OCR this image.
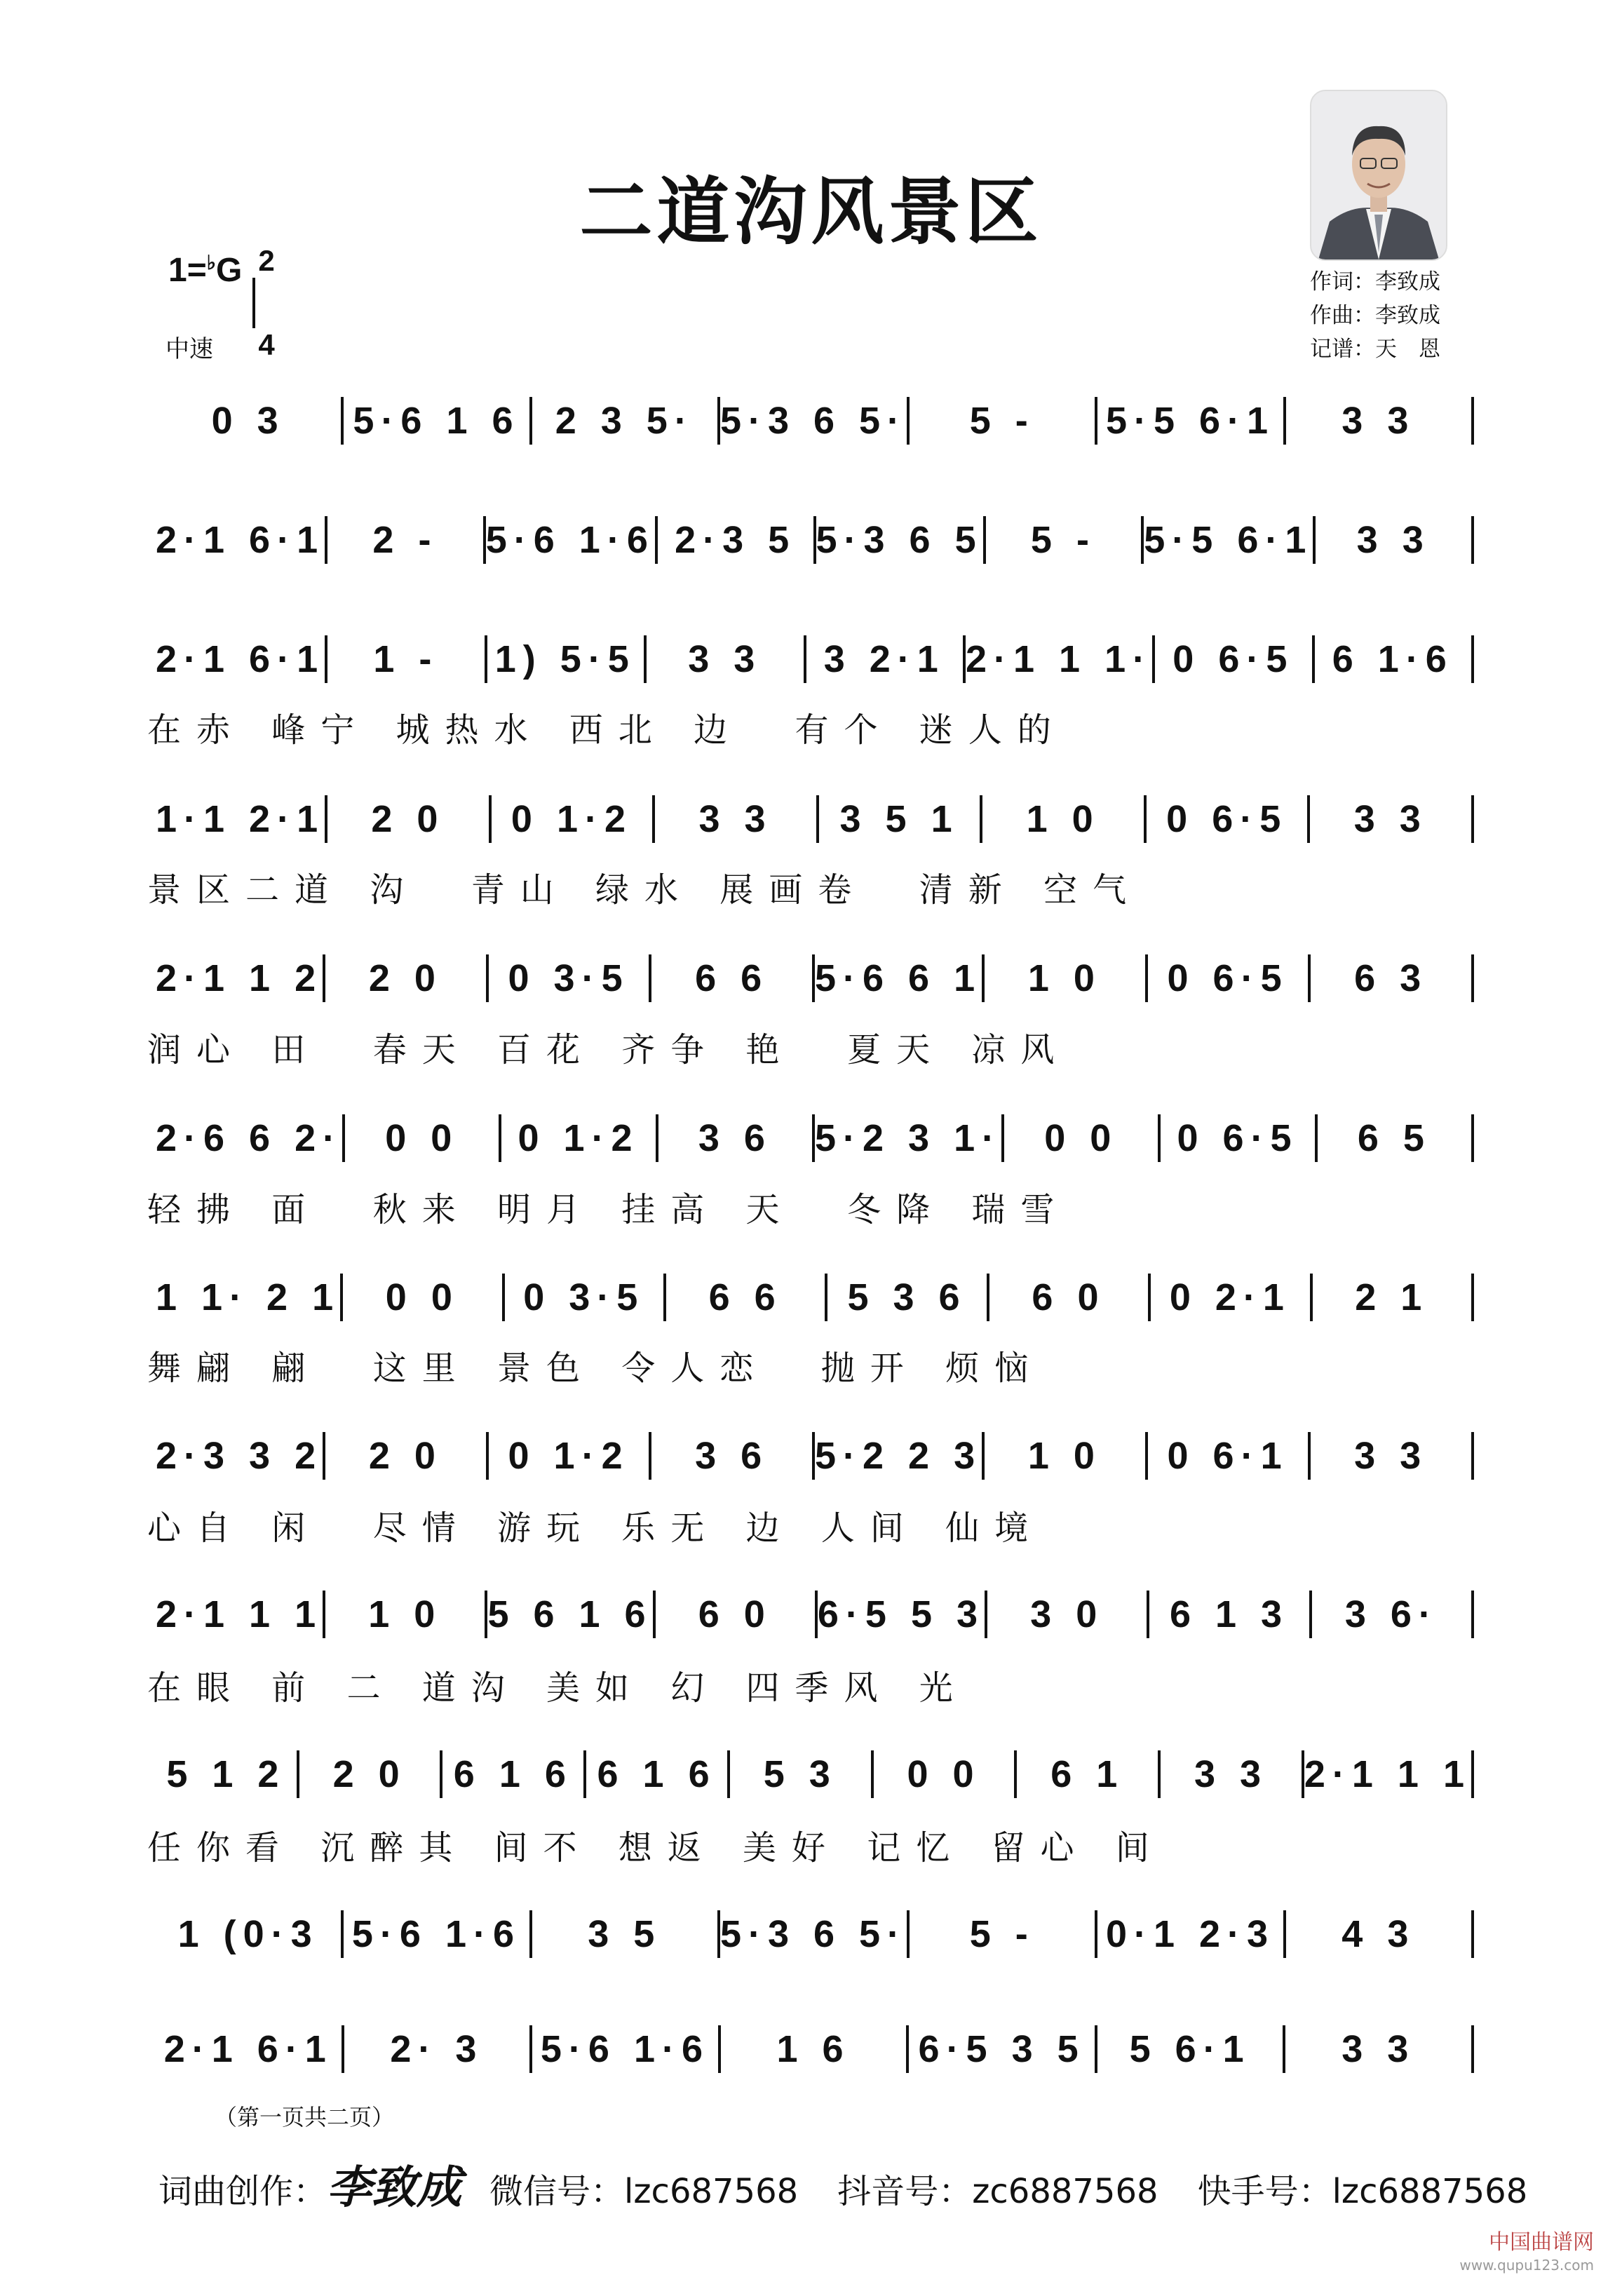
二道沟风景区
1=♭G 2
4
中速
作词：李致成
作曲：李致成
记谱：天　恩
0 3	5·6 1 6 2 3 5· 5·3 6 5·	5 -	5·5 6·1	3 3
2·1 6·1	2 -	5·6 1·6 2·3 5 5·3 6 5	5 -	5·5 6·1	3 3
2·1 6·1	1 -	1) 5·5	3 3	3 2·1 2·1 1 1· 0 6·5	6 1·6
1·1 2·1	2 0	0 1·2	3 3	3 5 1	1 0	0 6·5	3 3
2·1 1 2	2 0	0 3·5	6 6	5·6 6 1	1 0	0 6·5	6 3
2·6 6 2·	0 0	0 1·2	3 6	5·2 3 1·	0 0	0 6·5	6 5
1 1· 2 1	0 0	0 3·5	6 6	5 3 6	6 0	0 2·1	2 1
2·3 3 2	2 0	0 1·2	3 6	5·2 2 3	1 0	0 6·1	3 3
2·1 1 1	1 0	5 6 1 6	6 0	6·5 5 3	3 0	6 1 3	3 6·
5 1 2	2 0	6 1 6 6 1 6	5 3	0 0	6 1	3 3 2·1 1 1
1 (0·3 5·6 1·6	3 5	5·3 6 5·	5 -	0·1 2·3	4 3
2·1 6·1	2· 3	5·6 1·6	1 6	6·5 3 5	5 6·1	3 3
在赤 峰宁 城热水 西北 边  有个 迷人的
景区二道 沟  青山 绿水 展画卷  清新 空气
润心 田  春天 百花 齐争 艳  夏天 凉风
轻拂 面  秋来 明月 挂高 天  冬降 瑞雪
舞翩 翩  这里 景色 令人恋  抛开 烦恼
心自 闲  尽情 游玩 乐无 边 人间 仙境
在眼 前 二 道沟 美如 幻 四季风 光
任你看 沉醉其 间不 想返 美好 记忆 留心 间
（第一页共二页）
词曲创作：李致成 微信号：lzc687568 抖音号：zc6887568 快手号：lzc6887568
中国曲谱网
www.qupu123.com
